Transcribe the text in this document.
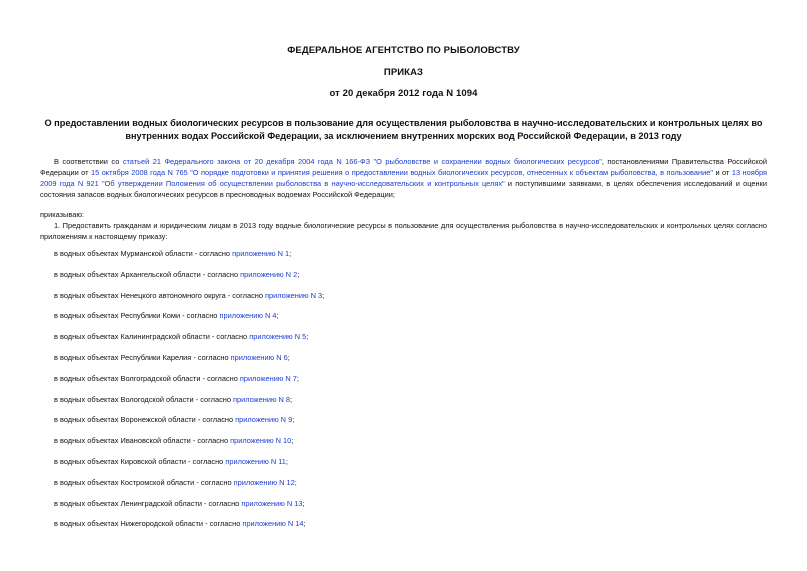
ФЕДЕРАЛЬНОЕ АГЕНТСТВО ПО РЫБОЛОВСТВУ
ПРИКАЗ
от 20 декабря 2012 года N 1094
О предоставлении водных биологических ресурсов в пользование для осуществления рыболовства в научно-исследовательских и контрольных целях во внутренних водах Российской Федерации, за исключением внутренних морских вод Российской Федерации, в 2013 году
В соответствии со статьей 21 Федерального закона от 20 декабря 2004 года N 166-ФЗ "О рыболовстве и сохранении водных биологических ресурсов", постановлениями Правительства Российской Федерации от 15 октября 2008 года N 765 "О порядке подготовки и принятия решения о предоставлении водных биологических ресурсов, отнесенных к объектам рыболовства, в пользование" и от 13 ноября 2009 года N 921 "Об утверждении Положения об осуществлении рыболовства в научно-исследовательских и контрольных целях" и поступившими заявками, в целях обеспечения исследований и оценки состояния запасов водных биологических ресурсов в пресноводных водоемах Российской Федерации;
приказываю:
1. Предоставить гражданам и юридическим лицам в 2013 году водные биологические ресурсы в пользование для осуществления рыболовства в научно-исследовательских и контрольных целях согласно приложениям к настоящему приказу:
в водных объектах Мурманской области - согласно приложению N 1;
в водных объектах Архангельской области - согласно приложению N 2;
в водных объектах Ненецкого автономного округа - согласно приложению N 3;
в водных объектах Республики Коми - согласно приложению N 4;
в водных объектах Калининградской области - согласно приложению N 5;
в водных объектах Республики Карелия - согласно приложению N 6;
в водных объектах Волгоградской области - согласно приложению N 7;
в водных объектах Вологодской области - согласно приложению N 8;
в водных объектах Воронежской области - согласно приложению N 9;
в водных объектах Ивановской области - согласно приложению N 10;
в водных объектах Кировской области - согласно приложению N 11;
в водных объектах Костромской области - согласно приложению N 12;
в водных объектах Ленинградской области - согласно приложению N 13;
в водных объектах Нижегородской области - согласно приложению N 14;
